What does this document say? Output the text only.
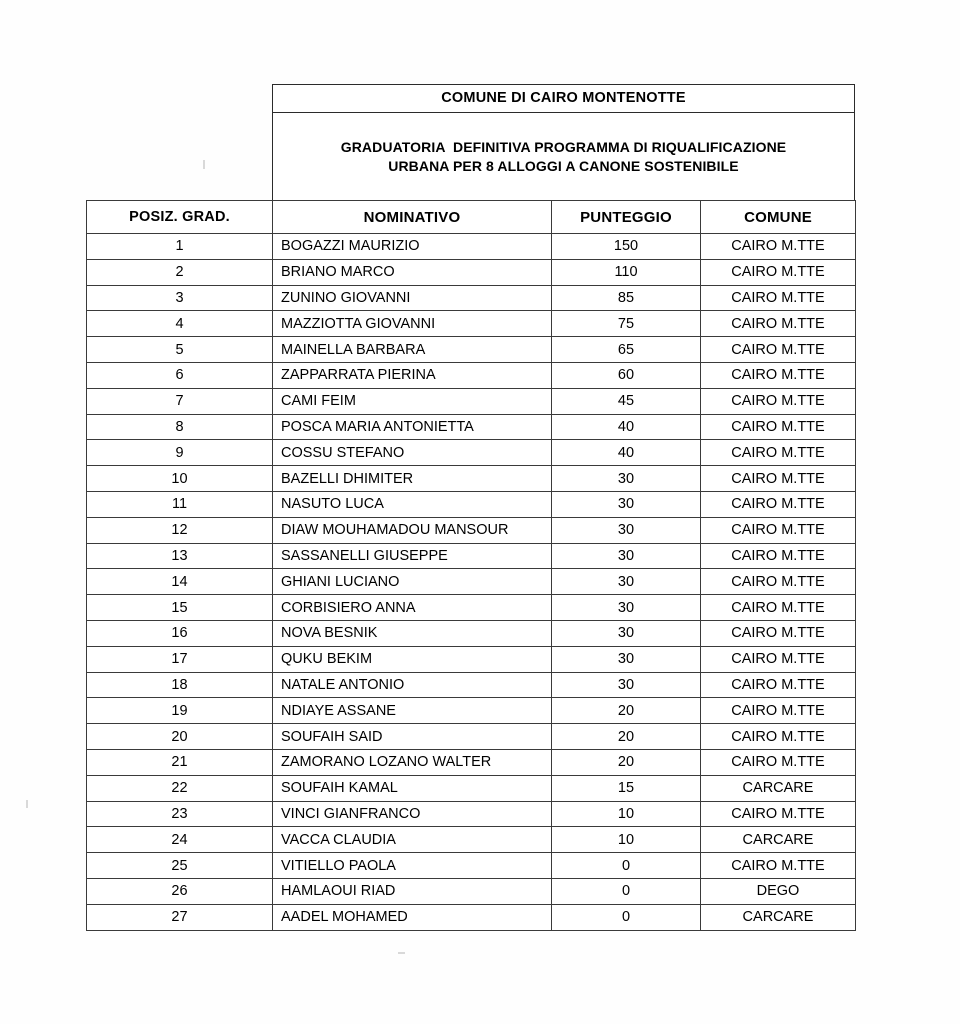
COMUNE DI CAIRO MONTENOTTE
GRADUATORIA  DEFINITIVA PROGRAMMA DI RIQUALIFICAZIONE
URBANA PER 8 ALLOGGI A CANONE SOSTENIBILE
POSIZ. GRAD.	NOMINATIVO	PUNTEGGIO	COMUNE
1	BOGAZZI MAURIZIO	150	CAIRO M.TTE
2	BRIANO MARCO	110	CAIRO M.TTE
3	ZUNINO GIOVANNI	85	CAIRO M.TTE
4	MAZZIOTTA GIOVANNI	75	CAIRO M.TTE
5	MAINELLA BARBARA	65	CAIRO M.TTE
6	ZAPPARRATA PIERINA	60	CAIRO M.TTE
7	CAMI FEIM	45	CAIRO M.TTE
8	POSCA MARIA ANTONIETTA	40	CAIRO M.TTE
9	COSSU STEFANO	40	CAIRO M.TTE
10	BAZELLI DHIMITER	30	CAIRO M.TTE
11	NASUTO LUCA	30	CAIRO M.TTE
12	DIAW MOUHAMADOU MANSOUR	30	CAIRO M.TTE
13	SASSANELLI GIUSEPPE	30	CAIRO M.TTE
14	GHIANI LUCIANO	30	CAIRO M.TTE
15	CORBISIERO ANNA	30	CAIRO M.TTE
16	NOVA BESNIK	30	CAIRO M.TTE
17	QUKU BEKIM	30	CAIRO M.TTE
18	NATALE ANTONIO	30	CAIRO M.TTE
19	NDIAYE ASSANE	20	CAIRO M.TTE
20	SOUFAIH SAID	20	CAIRO M.TTE
21	ZAMORANO LOZANO WALTER	20	CAIRO M.TTE
22	SOUFAIH KAMAL	15	CARCARE
23	VINCI GIANFRANCO	10	CAIRO M.TTE
24	VACCA CLAUDIA	10	CARCARE
25	VITIELLO PAOLA	0	CAIRO M.TTE
26	HAMLAOUI RIAD	0	DEGO
27	AADEL MOHAMED	0	CARCARE
